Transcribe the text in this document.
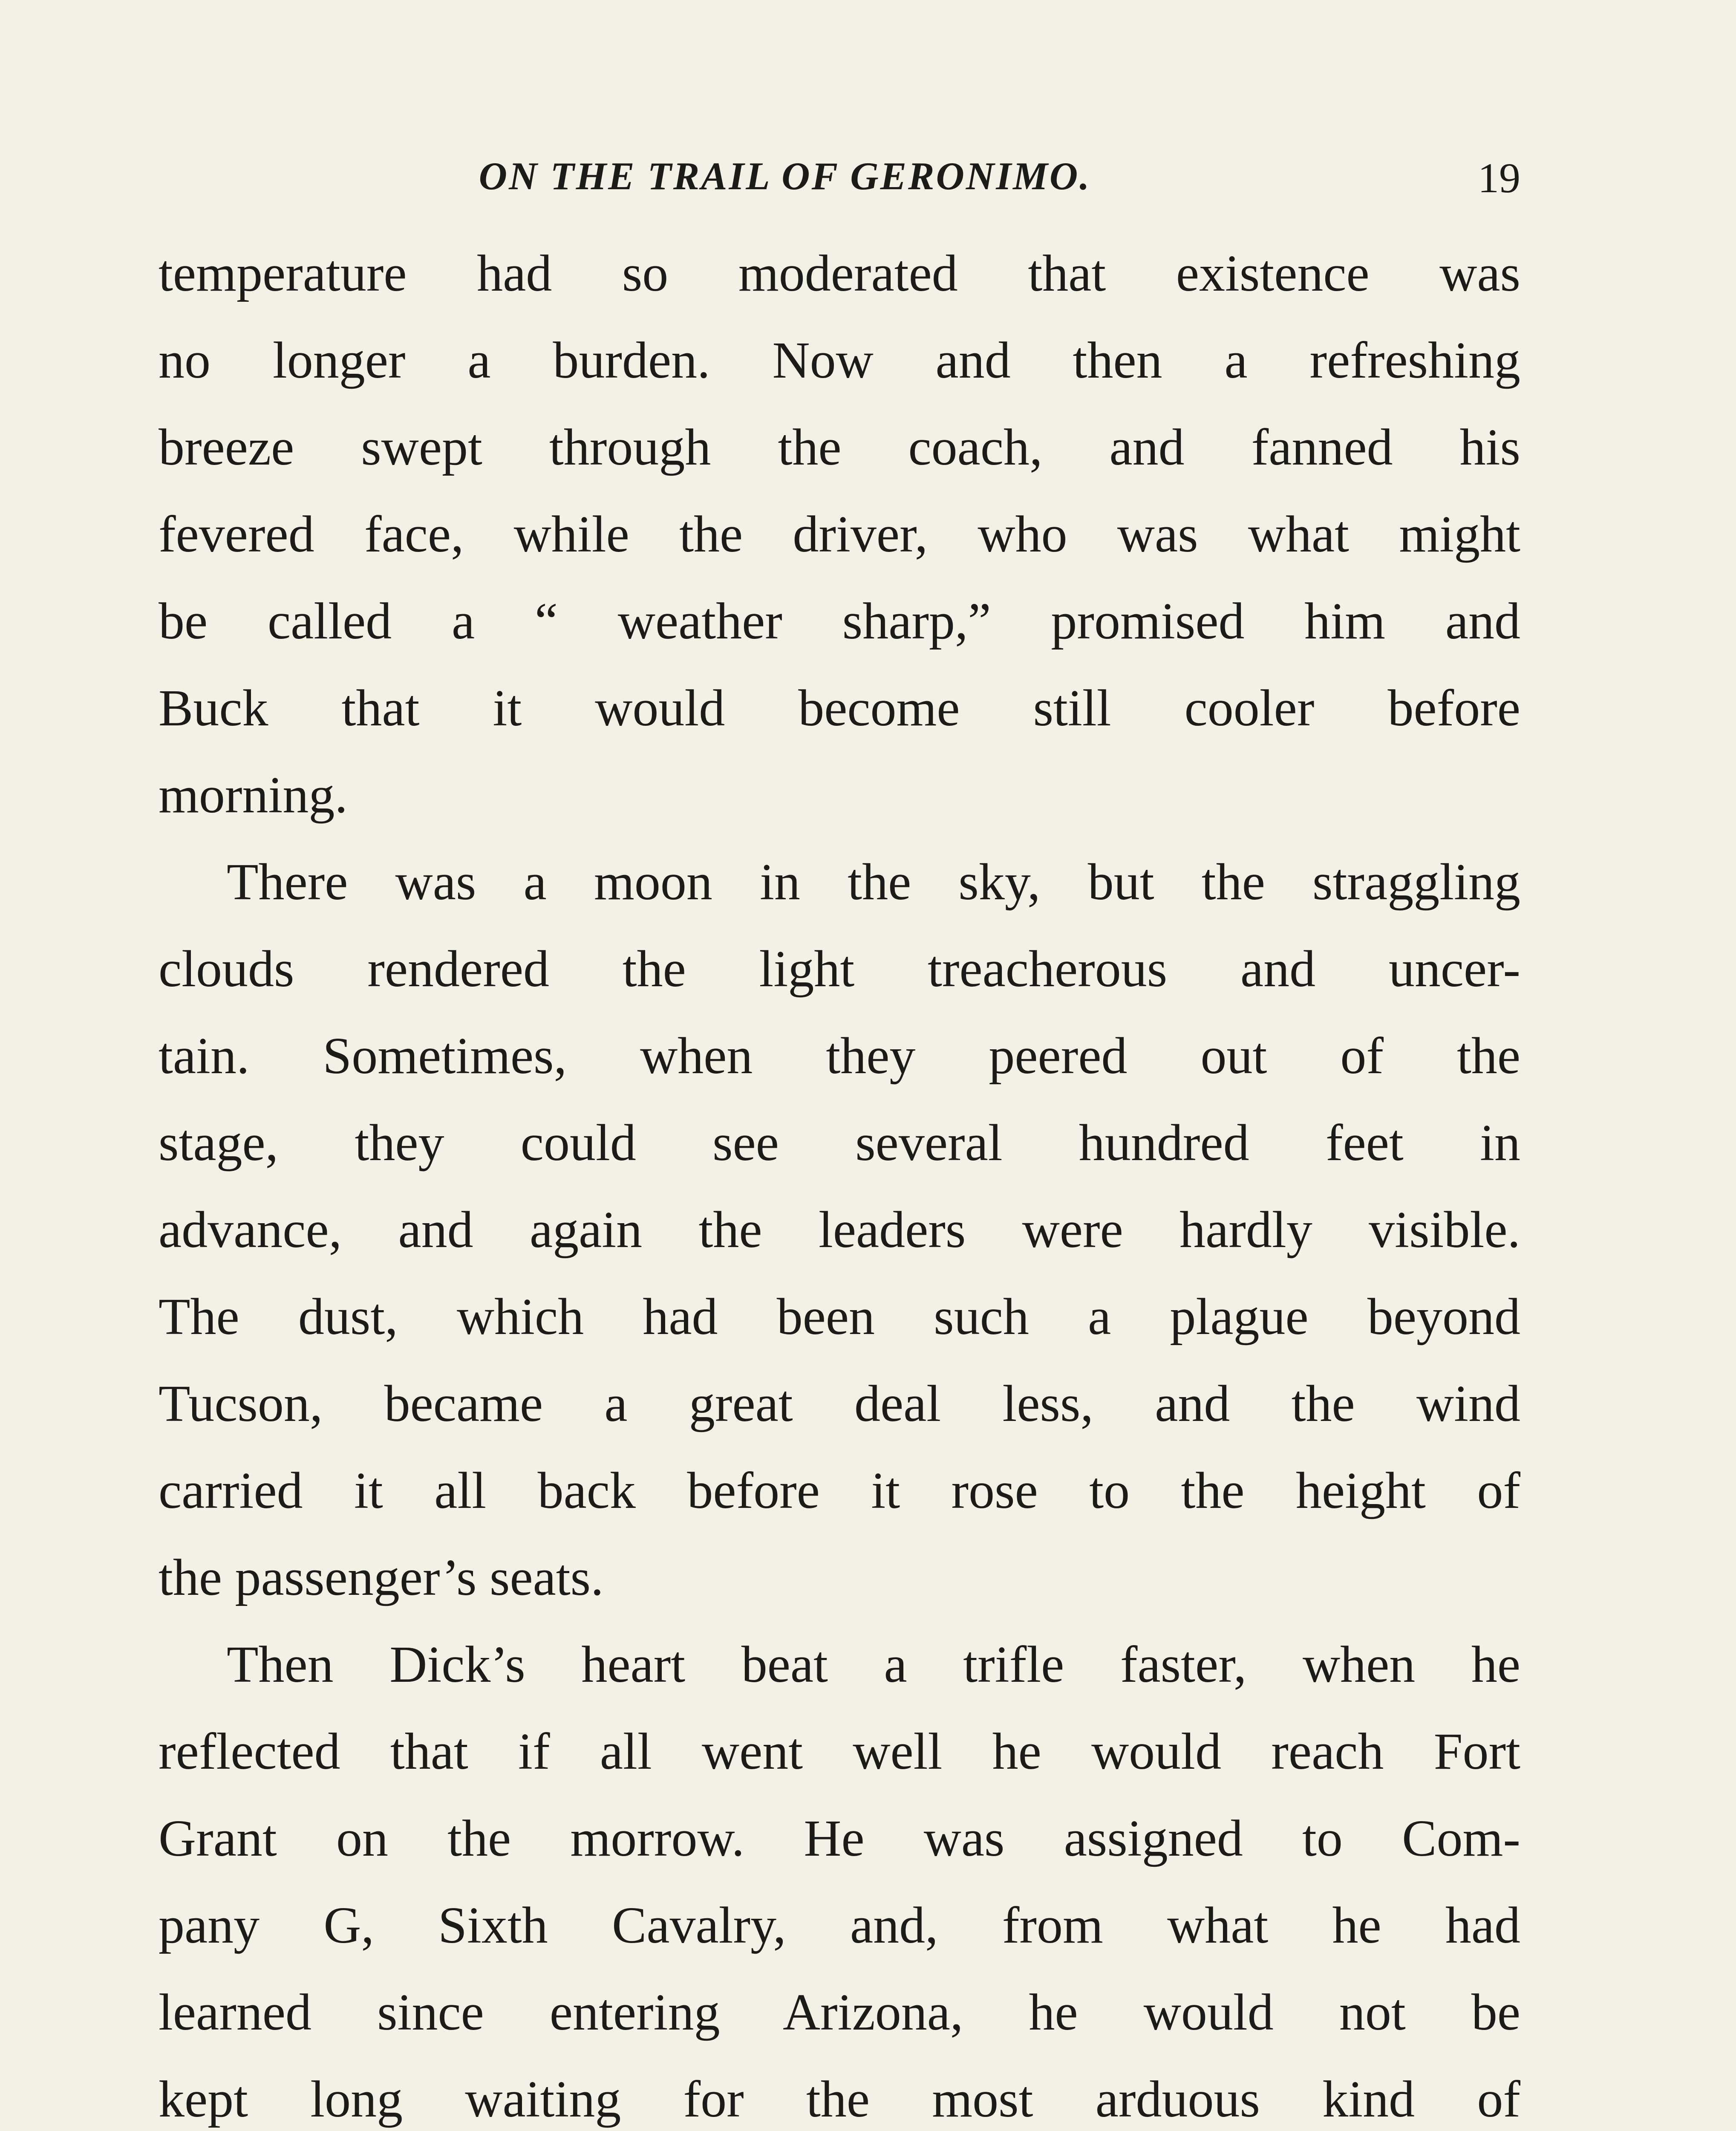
ON THE TRAIL OF GERONIMO.	19
temperature had so moderated that existence was
no longer a burden. Now and then a refreshing
breeze swept through the coach, and fanned his
fevered face, while the driver, who was what might
be called a “ weather sharp,” promised him and
Buck that it would become still cooler before
morning.
There was a moon in the sky, but the straggling
clouds rendered the light treacherous and uncer-
tain. Sometimes, when they peered out of the
stage, they could see several hundred feet in
advance, and again the leaders were hardly visible.
The dust, which had been such a plague beyond
Tucson, became a great deal less, and the wind
carried it all back before it rose to the height of
the passenger’s seats.
Then Dick’s heart beat a trifle faster, when he
reflected that if all went well he would reach Fort
Grant on the morrow. He was assigned to Com-
pany G, Sixth Cavalry, and, from what he had
learned since entering Arizona, he would not be
kept long waiting for the most arduous kind of
